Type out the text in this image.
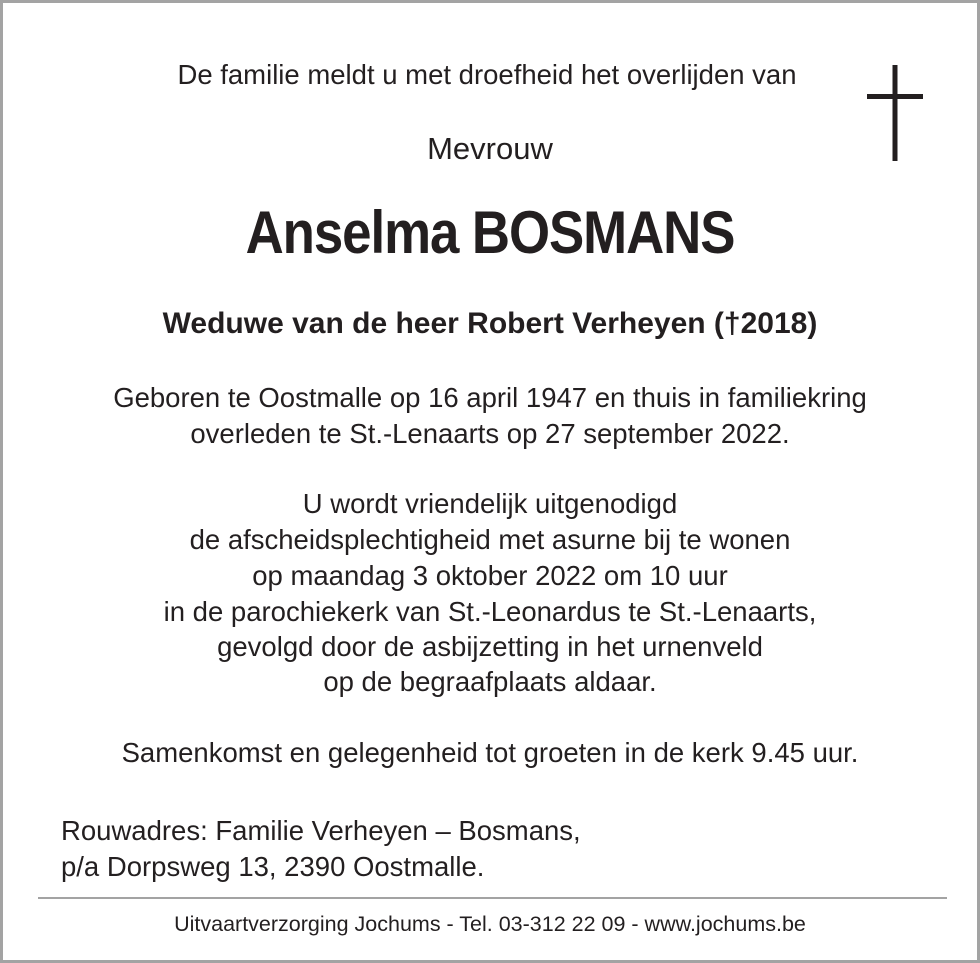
De familie meldt u met droefheid het overlijden van
Mevrouw
Anselma BOSMANS
Weduwe van de heer Robert Verheyen (†2018)
Geboren te Oostmalle op 16 april 1947 en thuis in familiekring
overleden te St.-Lenaarts op 27 september 2022.
U wordt vriendelijk uitgenodigd
de afscheidsplechtigheid met asurne bij te wonen
op maandag 3 oktober 2022 om 10 uur
in de parochiekerk van St.-Leonardus te St.-Lenaarts,
gevolgd door de asbijzetting in het urnenveld
op de begraafplaats aldaar.
Samenkomst en gelegenheid tot groeten in de kerk 9.45 uur.
Rouwadres: Familie Verheyen – Bosmans,
p/a Dorpsweg 13, 2390 Oostmalle.
Uitvaartverzorging Jochums - Tel. 03-312 22 09 - www.jochums.be
